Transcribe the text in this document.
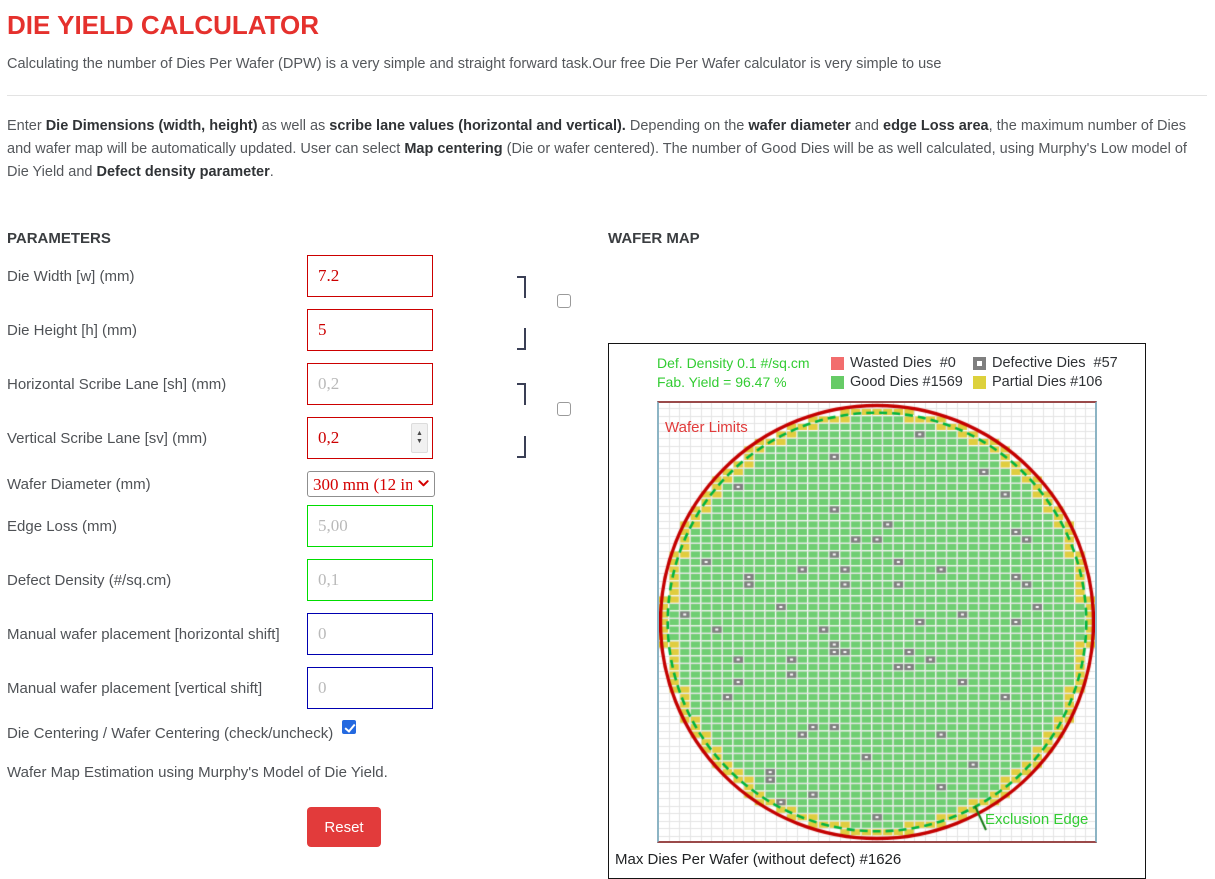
DIE YIELD CALCULATOR

Calculating the number of Dies Per Wafer (DPW) is a very simple and straight forward task.Our free Die Per Wafer calculator is very simple to use

Enter Die Dimensions (width, height) as well as scribe lane values (horizontal and vertical). Depending on the wafer diameter and edge Loss area, the maximum number of Dies and wafer map will be automatically updated. User can select Map centering (Die or wafer centered). The number of Good Dies will be as well calculated, using Murphy's Low model of Die Yield and Defect density parameter.

PARAMETERS
Die Width [w] (mm)
7.2
Die Height [h] (mm)
5
Horizontal Scribe Lane [sh] (mm)
0,2
Vertical Scribe Lane [sv] (mm)
0,2	▲
▼
Wafer Diameter (mm)
300 mm (12 in)
Edge Loss (mm)
5,00
Defect Density (#/sq.cm)
0,1
Manual wafer placement [horizontal shift]
0
Manual wafer placement [vertical shift]
0
Die Centering / Wafer Centering (check/uncheck)

Wafer Map Estimation using Murphy's Model of Die Yield.

Reset
WAFER MAP
Def. Density 0.1 #/sq.cm
Fab. Yield = 96.47 %
Wasted Dies  #0
Good Dies #1569
Defective Dies  #57
Partial Dies #106
Wafer Limits
Exclusion Edge
Max Dies Per Wafer (without defect) #1626
